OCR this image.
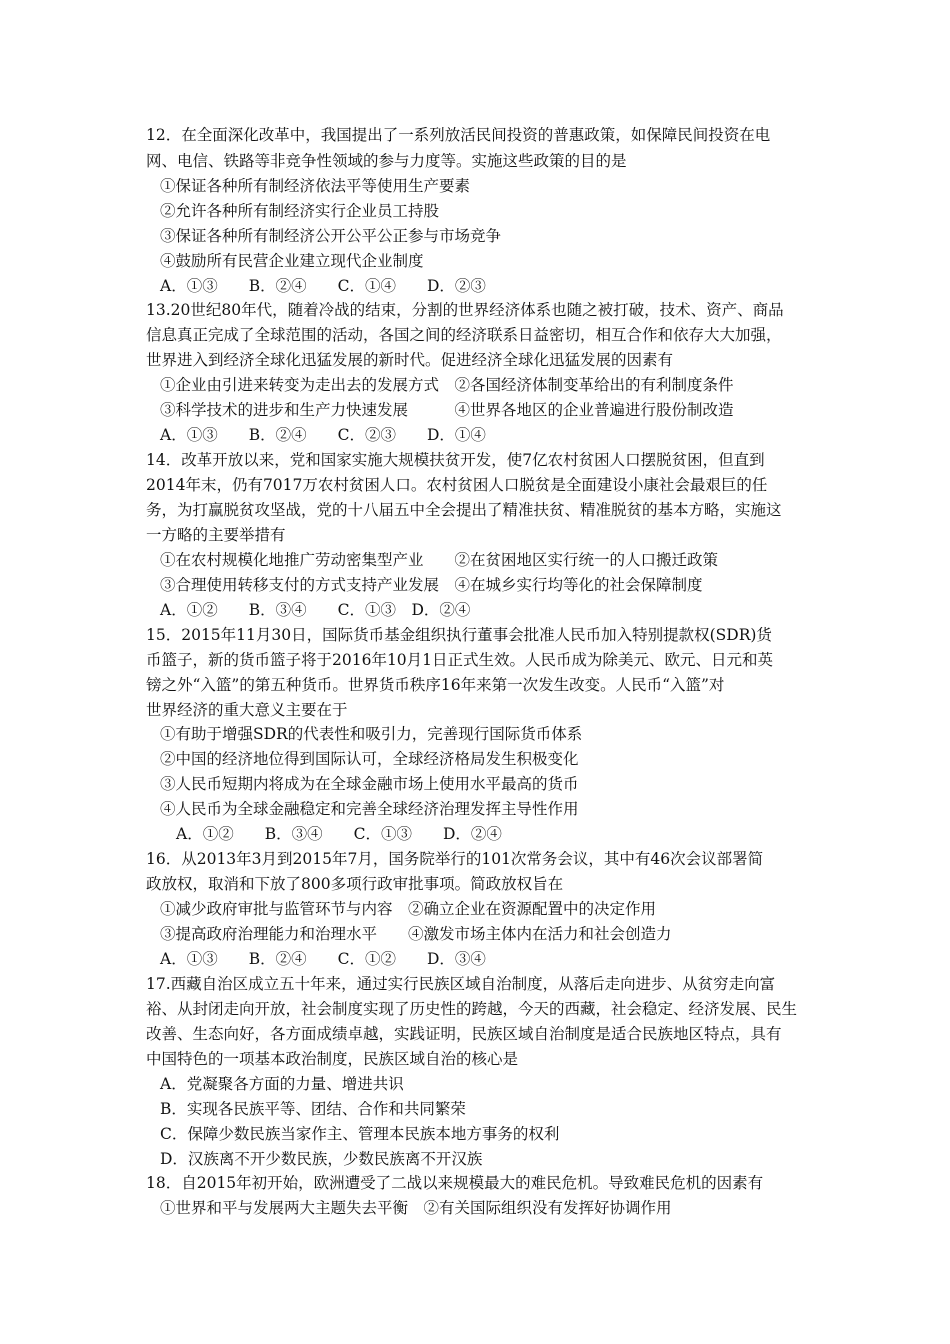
12．在全面深化改革中，我国提出了一系列放活民间投资的普惠政策，如保障民间投资在电
网、电信、铁路等非竞争性领域的参与力度等。实施这些政策的目的是
①保证各种所有制经济依法平等使用生产要素
②允许各种所有制经济实行企业员工持股
③保证各种所有制经济公开公平公正参与市场竞争
④鼓励所有民营企业建立现代企业制度
A．①③　　B．②④　　C．①④　　D．②③
13.20世纪80年代，随着冷战的结束，分割的世界经济体系也随之被打破，技术、资产、商品
信息真正完成了全球范围的活动，各国之间的经济联系日益密切，相互合作和依存大大加强，
世界进入到经济全球化迅猛发展的新时代。促进经济全球化迅猛发展的因素有
①企业由引进来转变为走出去的发展方式　②各国经济体制变革给出的有利制度条件
③科学技术的进步和生产力快速发展　　　④世界各地区的企业普遍进行股份制改造
A．①③　　B．②④　　C．②③　　D．①④
14．改革开放以来，党和国家实施大规模扶贫开发，使7亿农村贫困人口摆脱贫困，但直到
2014年末，仍有7017万农村贫困人口。农村贫困人口脱贫是全面建设小康社会最艰巨的任
务，为打赢脱贫攻坚战，党的十八届五中全会提出了精准扶贫、精准脱贫的基本方略，实施这
一方略的主要举措有
①在农村规模化地推广劳动密集型产业　　②在贫困地区实行统一的人口搬迁政策
③合理使用转移支付的方式支持产业发展　④在城乡实行均等化的社会保障制度
A．①②　　B．③④　　C．①③　D．②④
15．2015年11月30日，国际货币基金组织执行董事会批准人民币加入特别提款权(SDR)货
币篮子，新的货币篮子将于2016年10月1日正式生效。人民币成为除美元、欧元、日元和英
镑之外“入篮”的第五种货币。世界货币秩序16年来第一次发生改变。人民币“入篮”对
世界经济的重大意义主要在于
①有助于增强SDR的代表性和吸引力，完善现行国际货币体系
②中国的经济地位得到国际认可，全球经济格局发生积极变化
③人民币短期内将成为在全球金融市场上使用水平最高的货币
④人民币为全球金融稳定和完善全球经济治理发挥主导性作用
A．①②　　B．③④　　C．①③　　D．②④
16．从2013年3月到2015年7月，国务院举行的101次常务会议，其中有46次会议部署简
政放权，取消和下放了800多项行政审批事项。简政放权旨在
①减少政府审批与监管环节与内容　②确立企业在资源配置中的决定作用
③提高政府治理能力和治理水平　　④激发市场主体内在活力和社会创造力
A．①③　　B．②④　　C．①②　　D．③④
17.西藏自治区成立五十年来，通过实行民族区域自治制度，从落后走向进步、从贫穷走向富
裕、从封闭走向开放，社会制度实现了历史性的跨越，今天的西藏，社会稳定、经济发展、民生
改善、生态向好，各方面成绩卓越，实践证明，民族区域自治制度是适合民族地区特点，具有
中国特色的一项基本政治制度，民族区域自治的核心是
A．党凝聚各方面的力量、增进共识
B．实现各民族平等、团结、合作和共同繁荣
C．保障少数民族当家作主、管理本民族本地方事务的权利
D．汉族离不开少数民族，少数民族离不开汉族
18．自2015年初开始，欧洲遭受了二战以来规模最大的难民危机。导致难民危机的因素有
①世界和平与发展两大主题失去平衡　②有关国际组织没有发挥好协调作用
